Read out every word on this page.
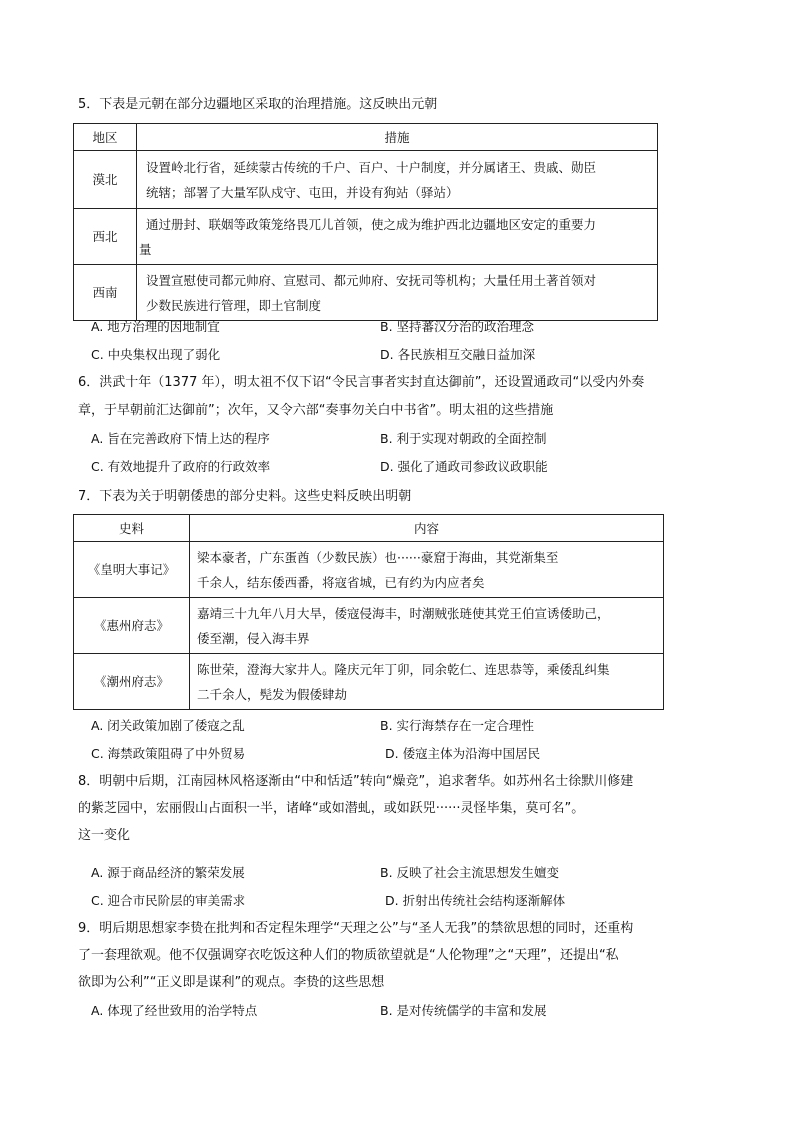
5．下表是元朝在部分边疆地区采取的治理措施。这反映出元朝
地区	措施
漠北	设置岭北行省，延续蒙古传统的千户、百户、十户制度，并分属诸王、贵戚、勋臣
统辖；部署了大量军队戍守、屯田，并设有狗站（驿站）

西北	通过册封、联姻等政策笼络畏兀儿首领，使之成为维护西北边疆地区安定的重要力
量

西南	设置宣慰使司都元帅府、宣慰司、都元帅府、安抚司等机构；大量任用土著首领对
少数民族进行管理，即土官制度
A. 地方治理的因地制宜	B. 坚持蕃汉分治的政治理念
C. 中央集权出现了弱化	D. 各民族相互交融日益加深
6．洪武十年（1377 年），明太祖不仅下诏“令民言事者实封直达御前”，还设置通政司“以受内外奏
章，于早朝前汇达御前”；次年，又令六部“奏事勿关白中书省”。明太祖的这些措施
A. 旨在完善政府下情上达的程序	B. 利于实现对朝政的全面控制
C. 有效地提升了政府的行政效率	D. 强化了通政司参政议政职能
7．下表为关于明朝倭患的部分史料。这些史料反映出明朝
史料	内容
《皇明大事记》	梁本豪者，广东蛋酋（少数民族）也······豪窟于海曲，其党渐集至
千余人，结东倭西番，将寇省城，已有约为内应者矣

《惠州府志》	嘉靖三十九年八月大旱，倭寇侵海丰，时潮贼张琏使其党王伯宣诱倭助己，
倭至潮，侵入海丰界

《潮州府志》	陈世荣，澄海大家井人。隆庆元年丁卯，同余乾仁、连思恭等，乘倭乱纠集
二千余人，髡发为假倭肆劫
A. 闭关政策加剧了倭寇之乱	B. 实行海禁存在一定合理性
C. 海禁政策阻碍了中外贸易	D. 倭寇主体为沿海中国居民
8．明朝中后期，江南园林风格逐渐由“中和恬适”转向“燥竞”，追求奢华。如苏州名士徐默川修建
的紫芝园中，宏丽假山占面积一半，诸峰“或如潜虬，或如跃兕······灵怪毕集，莫可名”。
这一变化
A. 源于商品经济的繁荣发展	B. 反映了社会主流思想发生嬗变
C. 迎合市民阶层的审美需求	D. 折射出传统社会结构逐渐解体
9．明后期思想家李贽在批判和否定程朱理学“天理之公”与“圣人无我”的禁欲思想的同时，还重构
了一套理欲观。他不仅强调穿衣吃饭这种人们的物质欲望就是“人伦物理”之“天理”，还提出“私
欲即为公利”“正义即是谋利”的观点。李贽的这些思想
A. 体现了经世致用的治学特点	B. 是对传统儒学的丰富和发展
